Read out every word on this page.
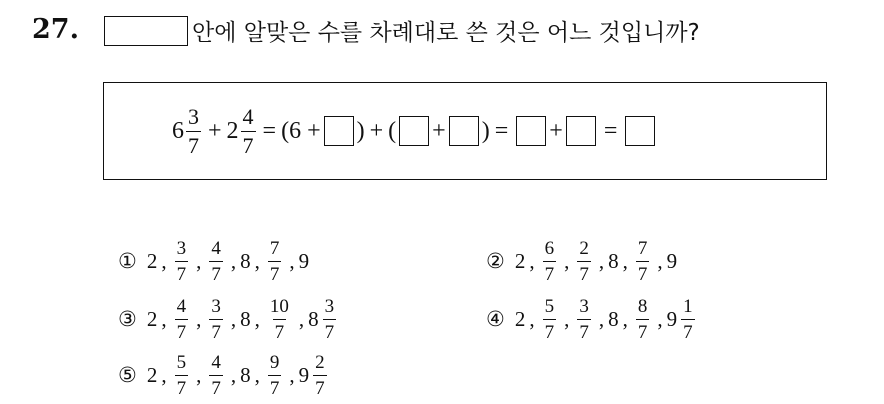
27.	안에 알맞은 수를 차례대로 쓴 것은 어느 것입니까?
$6 \frac{3}{7} + 2 \frac{4}{7} = (6$ + ) + ( + ) = + =
① 2 , $\frac{3}{7}$ , $\frac{4}{7}$ , 8 , $\frac{7}{7}$ , 9	② 2 , $\frac{6}{7}$ , $\frac{2}{7}$ , 8 , $\frac{7}{7}$ , 9
③ 2 , $\frac{4}{7}$ , $\frac{3}{7}$ , 8 , $\frac{10}{7}$ , $8 \frac{3}{7}$	④ 2 , $\frac{5}{7}$ , $\frac{3}{7}$ , 8 , $\frac{8}{7}$ , $9 \frac{1}{7}$
⑤ 2 , $\frac{5}{7}$ , $\frac{4}{7}$ , 8 , $\frac{9}{7}$ , $9 \frac{2}{7}$
